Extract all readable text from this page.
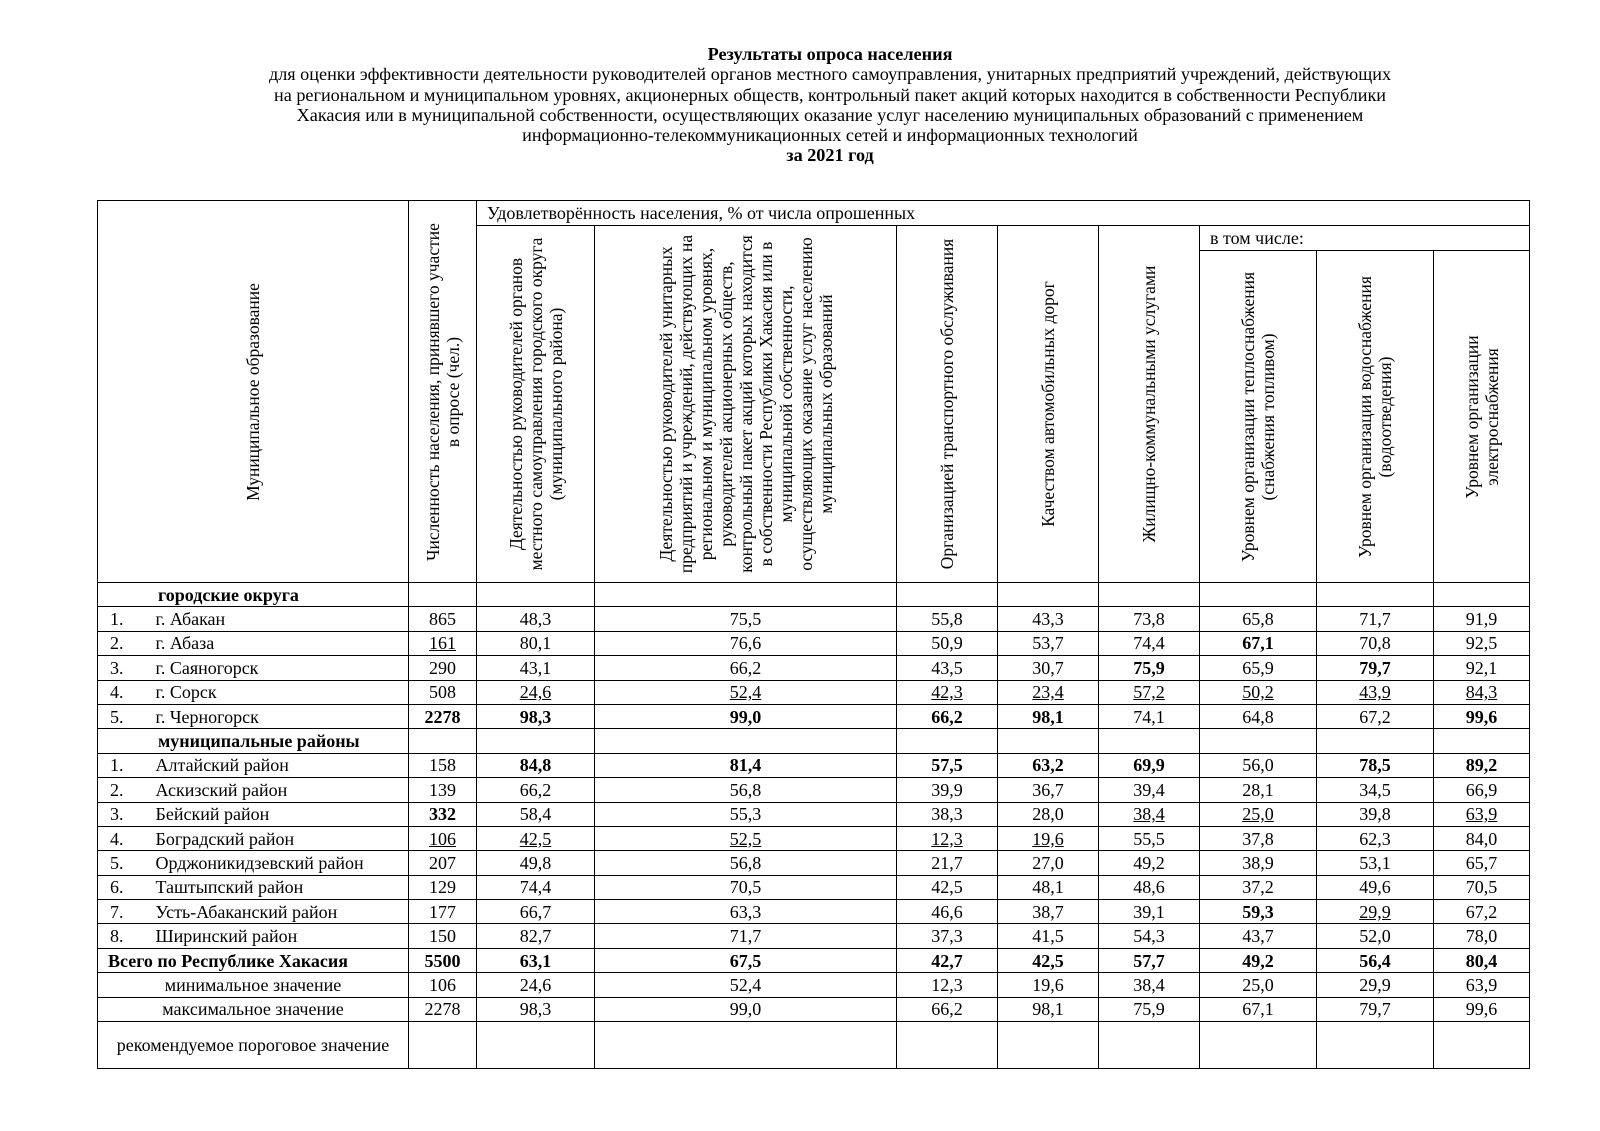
Результаты опроса населения
для оценки эффективности деятельности руководителей органов местного самоуправления, унитарных предприятий учреждений, действующих
на региональном и муниципальном уровнях, акционерных обществ, контрольный пакет акций которых находится в собственности Республики
Хакасия или в муниципальной собственности, осуществляющих оказание услуг населению муниципальных образований с применением
информационно-телекоммуникационных сетей и информационных технологий
за 2021 год
Муниципальное образование		Численность населения, принявшего участие в опросе (чел.)	Удовлетворённость населения, % от числа опрошенных							

			Деятельностью руководителей органов местного самоуправления городского округа (муниципального района)	Деятельностью руководителей унитарных предприятий и учреждений, действующих на региональном и муниципальном уровнях, руководителей акционерных обществ, контрольный пакет акций которых находится в собственности Республики Хакасия или в муниципальной собственности, осуществляющих оказание услуг населению муниципальных образований	Организацией транспортного обслуживания	Качеством автомобильных дорог	Жилищно-коммунальными услугами	в том числе:		

								Уровнем организации теплоснабжения (снабжения топливом)	Уровнем организации водоснабжения (водоотведения)	Уровнем организации электроснабжения

городские округа										
1.	г. Абакан	865	48,3	75,5	55,8	43,3	73,8	65,8	71,7	91,9
2.	г. Абаза	161	80,1	76,6	50,9	53,7	74,4	67,1	70,8	92,5
3.	г. Саяногорск	290	43,1	66,2	43,5	30,7	75,9	65,9	79,7	92,1
4.	г. Сорск	508	24,6	52,4	42,3	23,4	57,2	50,2	43,9	84,3
5.	г. Черногорск	2278	98,3	99,0	66,2	98,1	74,1	64,8	67,2	99,6
муниципальные районы										
1.	Алтайский район	158	84,8	81,4	57,5	63,2	69,9	56,0	78,5	89,2
2.	Аскизский район	139	66,2	56,8	39,9	36,7	39,4	28,1	34,5	66,9
3.	Бейский район	332	58,4	55,3	38,3	28,0	38,4	25,0	39,8	63,9
4.	Боградский район	106	42,5	52,5	12,3	19,6	55,5	37,8	62,3	84,0
5.	Орджоникидзевский район	207	49,8	56,8	21,7	27,0	49,2	38,9	53,1	65,7
6.	Таштыпский район	129	74,4	70,5	42,5	48,1	48,6	37,2	49,6	70,5
7.	Усть-Абаканский район	177	66,7	63,3	46,6	38,7	39,1	59,3	29,9	67,2
8.	Ширинский район	150	82,7	71,7	37,3	41,5	54,3	43,7	52,0	78,0
Всего по Республике Хакасия		5500	63,1	67,5	42,7	42,5	57,7	49,2	56,4	80,4
минимальное значение		106	24,6	52,4	12,3	19,6	38,4	25,0	29,9	63,9
максимальное значение		2278	98,3	99,0	66,2	98,1	75,9	67,1	79,7	99,6
рекомендуемое пороговое значение										
